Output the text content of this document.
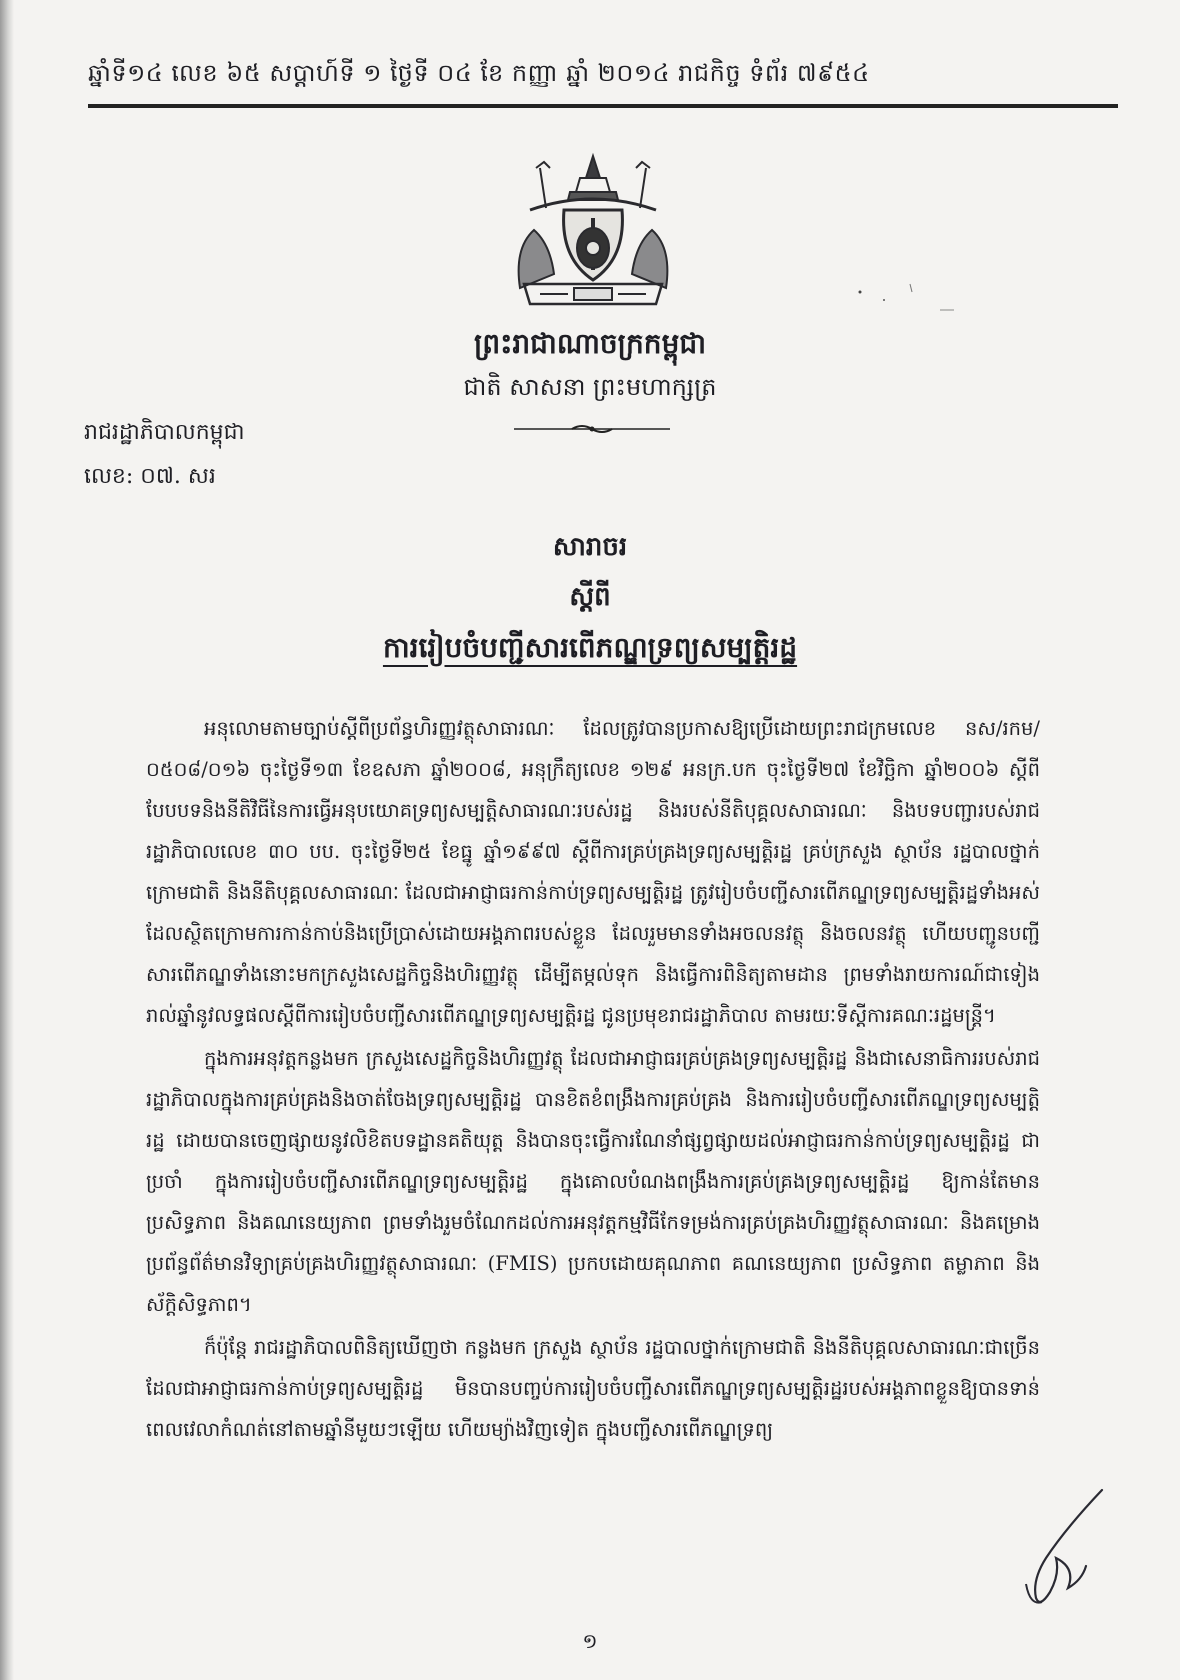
ឆ្នាំទី១៤ លេខ ៦៥ សប្តាហ៍ទី ១ ថ្ងៃទី ០៤ ខែ កញ្ញា ឆ្នាំ ២០១៤ រាជកិច្ច ទំព័រ ៧៩៥៤
ព្រះរាជាណាចក្រកម្ពុជា
ជាតិ សាសនា ព្រះមហាក្សត្រ
រាជរដ្ឋាភិបាលកម្ពុជា
លេខ: ០៧. សរ
សារាចរ
ស្តីពី
ការរៀបចំបញ្ជីសារពើភណ្ឌទ្រព្យសម្បត្តិរដ្ឋ

អនុលោមតាមច្បាប់ស្តីពីប្រព័ន្ធហិរញ្ញវត្ថុសាធារណៈ ដែលត្រូវបានប្រកាសឱ្យប្រើដោយព្រះរាជក្រមលេខ នស/រកម/០៥០៨/០១៦ ចុះថ្ងៃទី១៣ ខែឧសភា ឆ្នាំ២០០៨, អនុក្រឹត្យលេខ ១២៩ អនក្រ.បក ចុះថ្ងៃទី២៧ ខែវិច្ឆិកា ឆ្នាំ២០០៦ ស្តីពីបែបបទនិងនីតិវិធីនៃការធ្វើអនុបយោគទ្រព្យសម្បត្តិសាធារណៈរបស់រដ្ឋ និងរបស់នីតិបុគ្គលសាធារណៈ និងបទបញ្ជារបស់រាជរដ្ឋាភិបាលលេខ ៣០ បប. ចុះថ្ងៃទី២៥ ខែធ្នូ ឆ្នាំ១៩៩៧ ស្តីពីការគ្រប់គ្រងទ្រព្យសម្បត្តិរដ្ឋ គ្រប់ក្រសួង ស្ថាប័ន រដ្ឋបាលថ្នាក់ក្រោមជាតិ និងនីតិបុគ្គលសាធារណៈ ដែលជាអាជ្ញាធរកាន់កាប់ទ្រព្យសម្បត្តិរដ្ឋ ត្រូវរៀបចំបញ្ជីសារពើភណ្ឌទ្រព្យសម្បត្តិរដ្ឋទាំងអស់ ដែលស្ថិតក្រោមការកាន់កាប់និងប្រើប្រាស់ដោយអង្គភាពរបស់ខ្លួន ដែលរួមមានទាំងអចលនវត្ថុ និងចលនវត្ថុ ហើយបញ្ជូនបញ្ជីសារពើភណ្ឌទាំងនោះមកក្រសួងសេដ្ឋកិច្ចនិងហិរញ្ញវត្ថុ ដើម្បីតម្កល់ទុក និងធ្វើការពិនិត្យតាមដាន ព្រមទាំងរាយការណ៍ជាទៀងរាល់ឆ្នាំនូវលទ្ធផលស្តីពីការរៀបចំបញ្ជីសារពើភណ្ឌទ្រព្យសម្បត្តិរដ្ឋ ជូនប្រមុខរាជរដ្ឋាភិបាល តាមរយៈទីស្តីការគណៈរដ្ឋមន្ត្រី។

ក្នុងការអនុវត្តកន្លងមក ក្រសួងសេដ្ឋកិច្ចនិងហិរញ្ញវត្ថុ ដែលជាអាជ្ញាធរគ្រប់គ្រងទ្រព្យសម្បត្តិរដ្ឋ និងជាសេនាធិការរបស់រាជរដ្ឋាភិបាលក្នុងការគ្រប់គ្រងនិងចាត់ចែងទ្រព្យសម្បត្តិរដ្ឋ បានខិតខំពង្រឹងការគ្រប់គ្រង និងការរៀបចំបញ្ជីសារពើភណ្ឌទ្រព្យសម្បត្តិរដ្ឋ ដោយបានចេញផ្សាយនូវលិខិតបទដ្ឋានគតិយុត្ត និងបានចុះធ្វើការណែនាំផ្សព្វផ្សាយដល់អាជ្ញាធរកាន់កាប់ទ្រព្យសម្បត្តិរដ្ឋ ជាប្រចាំ ក្នុងការរៀបចំបញ្ជីសារពើភណ្ឌទ្រព្យសម្បត្តិរដ្ឋ ក្នុងគោលបំណងពង្រឹងការគ្រប់គ្រងទ្រព្យសម្បត្តិរដ្ឋ ឱ្យកាន់តែមានប្រសិទ្ធភាព និងគណនេយ្យភាព ព្រមទាំងរួមចំណែកដល់ការអនុវត្តកម្មវិធីកែទម្រង់ការគ្រប់គ្រងហិរញ្ញវត្ថុសាធារណៈ និងគម្រោងប្រព័ន្ធព័ត៌មានវិទ្យាគ្រប់គ្រងហិរញ្ញវត្ថុសាធារណៈ (FMIS) ប្រកបដោយគុណភាព គណនេយ្យភាព ប្រសិទ្ធភាព តម្លាភាព និងស័ក្តិសិទ្ធភាព។

ក៏ប៉ុន្តែ រាជរដ្ឋាភិបាលពិនិត្យឃើញថា កន្លងមក ក្រសួង ស្ថាប័ន រដ្ឋបាលថ្នាក់ក្រោមជាតិ និងនីតិបុគ្គលសាធារណៈជាច្រើន ដែលជាអាជ្ញាធរកាន់កាប់ទ្រព្យសម្បត្តិរដ្ឋ មិនបានបញ្ចប់ការរៀបចំបញ្ជីសារពើភណ្ឌទ្រព្យសម្បត្តិរដ្ឋរបស់អង្គភាពខ្លួនឱ្យបានទាន់ពេលវេលាកំណត់នៅតាមឆ្នាំនីមួយៗឡើយ ហើយម្យ៉ាងវិញទៀត ក្នុងបញ្ជីសារពើភណ្ឌទ្រព្យ

១
